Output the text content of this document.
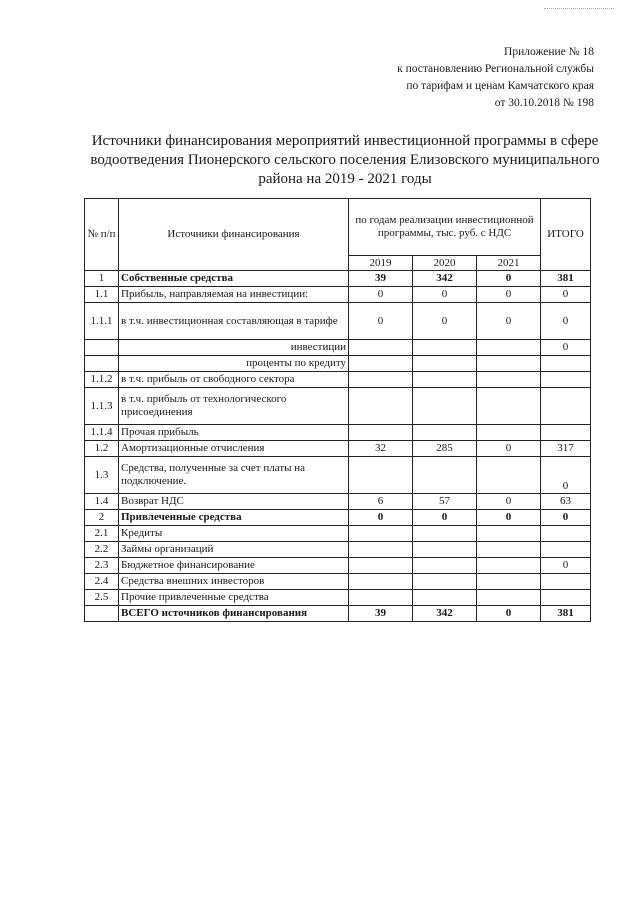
Приложение № 18
к постановлению Региональной службы
по тарифам и ценам Камчатского края
от 30.10.2018 № 198
Источники финансирования мероприятий инвестиционной программы в сфере
водоотведения Пионерского сельского поселения Елизовского муниципального
района на 2019 - 2021 годы
№ п/п	Источники финансирования	по годам реализации инвестиционной программы, тыс. руб. с НДС			ИТОГО
		2019	2020	2021	
1	Собственные средства	39	342	0	381
1.1	Прибыль, направляемая на инвестиции:	0	0	0	0
1.1.1	в т.ч. инвестиционная составляющая в тарифе	0	0	0	0
	инвестиции				0
	проценты по кредиту				
1.1.2	в т.ч. прибыль от свободного сектора				
1.1.3	в т.ч. прибыль от технологического присоединения				
1.1.4	Прочая прибыль				
1.2	Амортизационные отчисления	32	285	0	317
1.3	Средства, полученные за счет платы на подключение.				0
1.4	Возврат НДС	6	57	0	63
2	Привлеченные средства	0	0	0	0
2.1	Кредиты				
2.2	Займы организаций				
2.3	Бюджетное финансирование				0
2.4	Средства внешних инвесторов				
2.5	Прочие привлеченные средства				
	ВСЕГО источников финансирования	39	342	0	381
